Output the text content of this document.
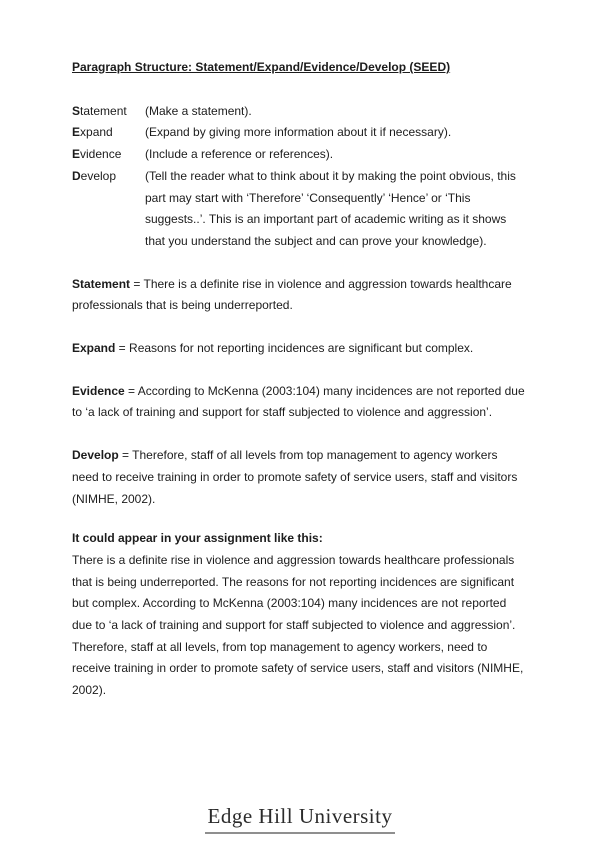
Paragraph Structure: Statement/Expand/Evidence/Develop (SEED)
Statement	(Make a statement).
Expand	(Expand by giving more information about it if necessary).
Evidence	(Include a reference or references).
Develop	(Tell the reader what to think about it by making the point obvious, this part may start with ‘Therefore’ ‘Consequently’ ‘Hence’ or ‘This suggests..’. This is an important part of academic writing as it shows that you understand the subject and can prove your knowledge).
Statement = There is a definite rise in violence and aggression towards healthcare professionals that is being underreported.
Expand = Reasons for not reporting incidences are significant but complex.
Evidence = According to McKenna (2003:104) many incidences are not reported due to ‘a lack of training and support for staff subjected to violence and aggression’.
Develop = Therefore, staff of all levels from top management to agency workers need to receive training in order to promote safety of service users, staff and visitors (NIMHE, 2002).
It could appear in your assignment like this:
There is a definite rise in violence and aggression towards healthcare professionals that is being underreported. The reasons for not reporting incidences are significant but complex. According to McKenna (2003:104) many incidences are not reported due to ‘a lack of training and support for staff subjected to violence and aggression’. Therefore, staff at all levels, from top management to agency workers, need to receive training in order to promote safety of service users, staff and visitors (NIMHE, 2002).
Edge Hill University
